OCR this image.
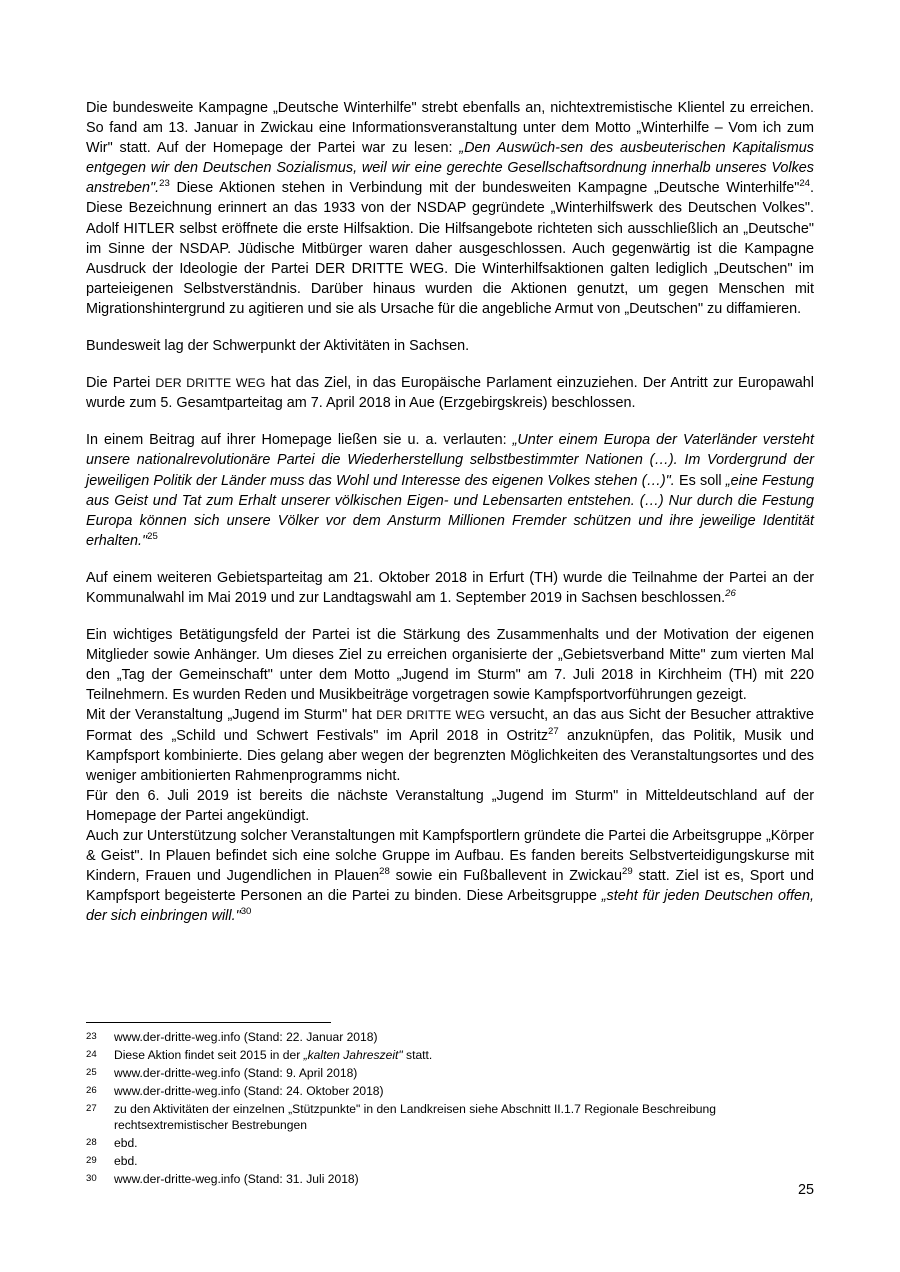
Die bundesweite Kampagne „Deutsche Winterhilfe" strebt ebenfalls an, nichtextremistische Klientel zu erreichen. So fand am 13. Januar in Zwickau eine Informationsveranstaltung unter dem Motto „Winterhilfe – Vom ich zum Wir" statt. Auf der Homepage der Partei war zu lesen: „Den Auswüch-sen des ausbeuterischen Kapitalismus entgegen wir den Deutschen Sozialismus, weil wir eine gerechte Gesellschaftsordnung innerhalb unseres Volkes anstreben".$^{23}$ Diese Aktionen stehen in Verbindung mit der bundesweiten Kampagne „Deutsche Winterhilfe"$^{24}$. Diese Bezeichnung erinnert an das 1933 von der NSDAP gegründete „Winterhilfswerk des Deutschen Volkes". Adolf HITLER selbst eröffnete die erste Hilfsaktion. Die Hilfsangebote richteten sich ausschließlich an „Deutsche" im Sinne der NSDAP. Jüdische Mitbürger waren daher ausgeschlossen. Auch gegenwärtig ist die Kampagne Ausdruck der Ideologie der Partei DER DRITTE WEG. Die Winterhilfsaktionen galten lediglich „Deutschen" im parteieigenen Selbstverständnis. Darüber hinaus wurden die Aktionen genutzt, um gegen Menschen mit Migrationshintergrund zu agitieren und sie als Ursache für die angebliche Armut von „Deutschen" zu diffamieren.

Bundesweit lag der Schwerpunkt der Aktivitäten in Sachsen.

Die Partei DER DRITTE WEG hat das Ziel, in das Europäische Parlament einzuziehen. Der Antritt zur Europawahl wurde zum 5. Gesamtparteitag am 7. April 2018 in Aue (Erzgebirgskreis) beschlossen.

In einem Beitrag auf ihrer Homepage ließen sie u. a. verlauten: „Unter einem Europa der Vaterländer versteht unsere nationalrevolutionäre Partei die Wiederherstellung selbstbestimmter Nationen (…). Im Vordergrund der jeweiligen Politik der Länder muss das Wohl und Interesse des eigenen Volkes stehen (…)". Es soll „eine Festung aus Geist und Tat zum Erhalt unserer völkischen Eigen- und Lebensarten entstehen. (…) Nur durch die Festung Europa können sich unsere Völker vor dem Ansturm Millionen Fremder schützen und ihre jeweilige Identität erhalten."$^{25}$

Auf einem weiteren Gebietsparteitag am 21. Oktober 2018 in Erfurt (TH) wurde die Teilnahme der Partei an der Kommunalwahl im Mai 2019 und zur Landtagswahl am 1. September 2019 in Sachsen beschlossen.$^{26}$

Ein wichtiges Betätigungsfeld der Partei ist die Stärkung des Zusammenhalts und der Motivation der eigenen Mitglieder sowie Anhänger. Um dieses Ziel zu erreichen organisierte der „Gebietsverband Mitte" zum vierten Mal den „Tag der Gemeinschaft" unter dem Motto „Jugend im Sturm" am 7. Juli 2018 in Kirchheim (TH) mit 220 Teilnehmern. Es wurden Reden und Musikbeiträge vorgetragen sowie Kampfsportvorführungen gezeigt.

Mit der Veranstaltung „Jugend im Sturm" hat DER DRITTE WEG versucht, an das aus Sicht der Besucher attraktive Format des „Schild und Schwert Festivals" im April 2018 in Ostritz$^{27}$ anzuknüpfen, das Politik, Musik und Kampfsport kombinierte. Dies gelang aber wegen der begrenzten Möglichkeiten des Veranstaltungsortes und des weniger ambitionierten Rahmenprogramms nicht.

Für den 6. Juli 2019 ist bereits die nächste Veranstaltung „Jugend im Sturm" in Mitteldeutschland auf der Homepage der Partei angekündigt.

Auch zur Unterstützung solcher Veranstaltungen mit Kampfsportlern gründete die Partei die Arbeitsgruppe „Körper & Geist". In Plauen befindet sich eine solche Gruppe im Aufbau. Es fanden bereits Selbstverteidigungskurse mit Kindern, Frauen und Jugendlichen in Plauen$^{28}$ sowie ein Fußballevent in Zwickau$^{29}$ statt. Ziel ist es, Sport und Kampfsport begeisterte Personen an die Partei zu binden. Diese Arbeitsgruppe „steht für jeden Deutschen offen, der sich einbringen will."$^{30}$

23	www.der-dritte-weg.info (Stand: 22. Januar 2018)
24	Diese Aktion findet seit 2015 in der „kalten Jahreszeit" statt.
25	www.der-dritte-weg.info (Stand: 9. April 2018)
26	www.der-dritte-weg.info (Stand: 24. Oktober 2018)
27	zu den Aktivitäten der einzelnen „Stützpunkte" in den Landkreisen siehe Abschnitt II.1.7 Regionale Beschreibung rechtsextremistischer Bestrebungen
28	ebd.
29	ebd.
30	www.der-dritte-weg.info (Stand: 31. Juli 2018)
25
